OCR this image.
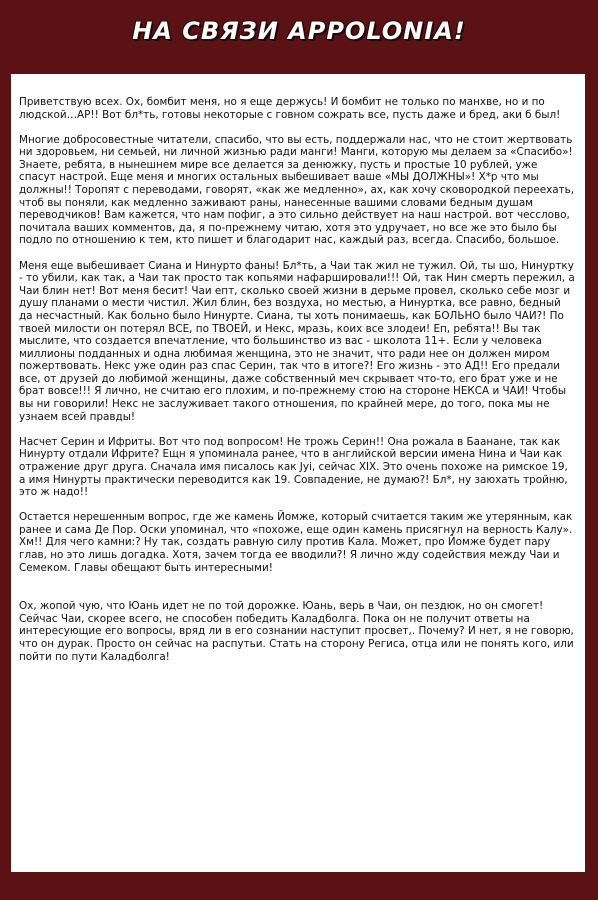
НА СВЯЗИ APPOLONIA!

Приветствую всех. Ох, бомбит меня, но я еще держусь! И бомбит не только по манхве, но и по людской…АР!! Вот бл*ть, готовы некоторые с говном сожрать все, пусть даже и бред, аки б был!

Многие добросовестные читатели, спасибо, что вы есть, поддержали нас, что не стоит жертвовать ни здоровьем, ни семьей, ни личной жизнью ради манги! Манги, которую мы делаем за «Спасибо»! Знаете, ребята, в нынешнем мире все делается за денюжку, пусть и простые 10 рублей, уже спасут настрой. Еще меня и многих остальных выбешивает ваше «МЫ ДОЛЖНЫ»! Х*р что мы должны!! Торопят с переводами, говорят, «как же медленно», ах, как хочу сковородкой переехать, чтоб вы поняли, как медленно заживают раны, нанесенные вашими словами бедным душам переводчиков! Вам кажется, что нам пофиг, а это сильно действует на наш настрой. вот чесслово, почитала ваших комментов, да, я по-прежнему читаю, хотя это удручает, но все же это было бы подло по отношению к тем, кто пишет и благодарит нас, каждый раз, всегда. Спасибо, большое.

Меня еще выбешивает Сиана и Нинурто фаны! Бл*ть, а Чаи так жил не тужил. Ой, ты шо, Нинуртку - то убили, как так, а Чаи так просто так копьями нафаршировали!!! Ой, так Нин смерть пережил, а Чаи блин нет! Вот меня бесит! Чаи епт, сколько своей жизни в дерьме провел, сколько себе мозг и душу планами о мести чистил. Жил блин, без воздуха, но местью, а Нинуртка, все равно, бедный да несчастный. Как больно было Нинурте. Сиана, ты хоть понимаешь, как БОЛЬНО было ЧАИ?! По твоей милости он потерял ВСЕ, по ТВОЕЙ, и Некс, мразь, коих все злодеи! Еп, ребята!! Вы так мыслите, что создается впечатление, что большинство из вас - школота 11+. Если у человека миллионы подданных и одна любимая женщина, это не значит, что ради нее он должен миром пожертвовать. Некс уже один раз спас Серин, так что в итоге?! Его жизнь - это АД!! Его предали все, от друзей до любимой женщины, даже собственный меч скрывает что-то, его брат уже и не брат вовсе!!! Я лично, не считаю его плохим, и по-прежнему стою на стороне НЕКСА и ЧАИ! Чтобы вы ни говорили! Некс не заслуживает такого отношения, по крайней мере, до того, пока мы не узнаем всей правды!

Насчет Серин и Ифриты. Вот что под вопросом! Не трожь Серин!! Она рожала в Баанане, так как Нинурту отдали Ифрите? Ещн я упоминала ранее, что в английской версии имена Нина и Чаи как отражение друг друга. Сначала имя писалось как Jyi, сейчас XIX. Это очень похоже на римское 19, а имя Нинурты практически переводится как 19. Совпадение, не думаю?! Бл*, ну заюхать тройню, это ж надо!!

Остается нерешенным вопрос, где же камень Йомже, который считается таким же утерянным, как ранее и сама Де Пор. Оски упоминал, что «похоже, еще один камень присягнул на верность Калу». Хм!! Для чего камни:? Ну так, создать равную силу против Кала. Может, про Йомже будет пару глав, но это лишь догадка. Хотя, зачем тогда ее вводили?! Я лично жду содействия между Чаи и Семеком. Главы обещают быть интересными!

Ох, жопой чую, что Юань идет не по той дорожке. Юань, верь в Чаи, он пездюк, но он смогет!
Сейчас Чаи, скорее всего, не способен победить Каладболга. Пока он не получит ответы на интересующие его вопросы, вряд ли в его сознании наступит просвет,. Почему? И нет, я не говорю, что он дурак. Просто он сейчас на распутьи. Стать на сторону Региса, отца или не понять кого, или пойти по пути Каладболга!
